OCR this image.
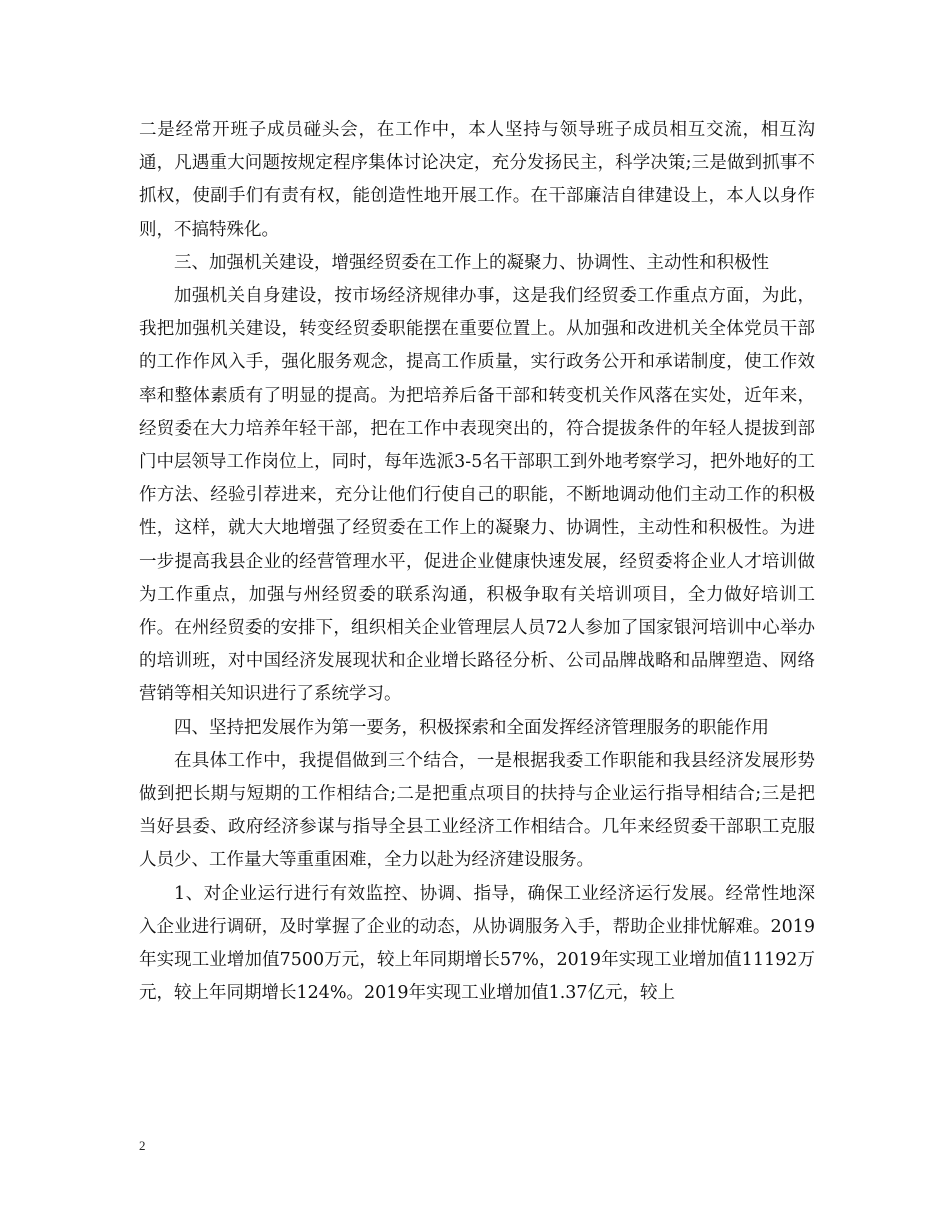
二是经常开班子成员碰头会，在工作中，本人坚持与领导班子成员相互交流，相互沟通，凡遇重大问题按规定程序集体讨论决定，充分发扬民主，科学决策;三是做到抓事不抓权，使副手们有责有权，能创造性地开展工作。在干部廉洁自律建设上，本人以身作则，不搞特殊化。

三、加强机关建设，增强经贸委在工作上的凝聚力、协调性、主动性和积极性

加强机关自身建设，按市场经济规律办事，这是我们经贸委工作重点方面，为此，我把加强机关建设，转变经贸委职能摆在重要位置上。从加强和改进机关全体党员干部的工作作风入手，强化服务观念，提高工作质量，实行政务公开和承诺制度，使工作效率和整体素质有了明显的提高。为把培养后备干部和转变机关作风落在实处，近年来，经贸委在大力培养年轻干部，把在工作中表现突出的，符合提拔条件的年轻人提拔到部门中层领导工作岗位上，同时，每年选派3-5名干部职工到外地考察学习，把外地好的工作方法、经验引荐进来，充分让他们行使自己的职能，不断地调动他们主动工作的积极性，这样，就大大地增强了经贸委在工作上的凝聚力、协调性，主动性和积极性。为进一步提高我县企业的经营管理水平，促进企业健康快速发展，经贸委将企业人才培训做为工作重点，加强与州经贸委的联系沟通，积极争取有关培训项目，全力做好培训工作。在州经贸委的安排下，组织相关企业管理层人员72人参加了国家银河培训中心举办的培训班，对中国经济发展现状和企业增长路径分析、公司品牌战略和品牌塑造、网络营销等相关知识进行了系统学习。

四、坚持把发展作为第一要务，积极探索和全面发挥经济管理服务的职能作用

在具体工作中，我提倡做到三个结合，一是根据我委工作职能和我县经济发展形势做到把长期与短期的工作相结合;二是把重点项目的扶持与企业运行指导相结合;三是把当好县委、政府经济参谋与指导全县工业经济工作相结合。几年来经贸委干部职工克服人员少、工作量大等重重困难，全力以赴为经济建设服务。

1、对企业运行进行有效监控、协调、指导，确保工业经济运行发展。经常性地深入企业进行调研，及时掌握了企业的动态，从协调服务入手，帮助企业排忧解难。2019年实现工业增加值7500万元，较上年同期增长57%，2019年实现工业增加值11192万元，较上年同期增长124%。2019年实现工业增加值1.37亿元，较上

2
